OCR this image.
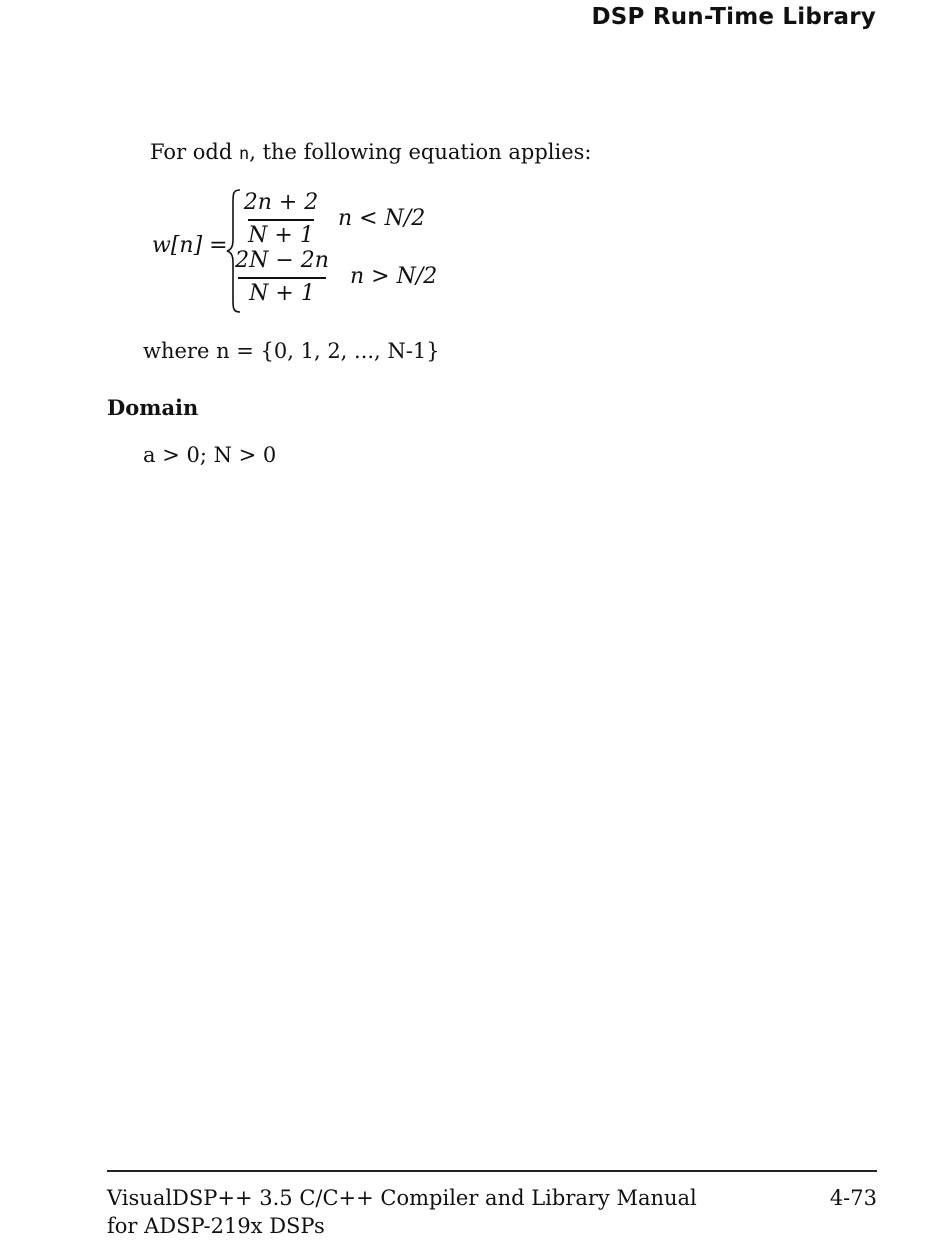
DSP Run-Time Library
For odd n, the following equation applies:
w[n] =
2n + 2
N + 1
n < N/2
2N − 2n
N + 1
n > N/2
where n = {0, 1, 2, ..., N-1}
Domain
a > 0; N > 0
VisualDSP++ 3.5 C/C++ Compiler and Library Manual
for ADSP-219x DSPs
4-73
